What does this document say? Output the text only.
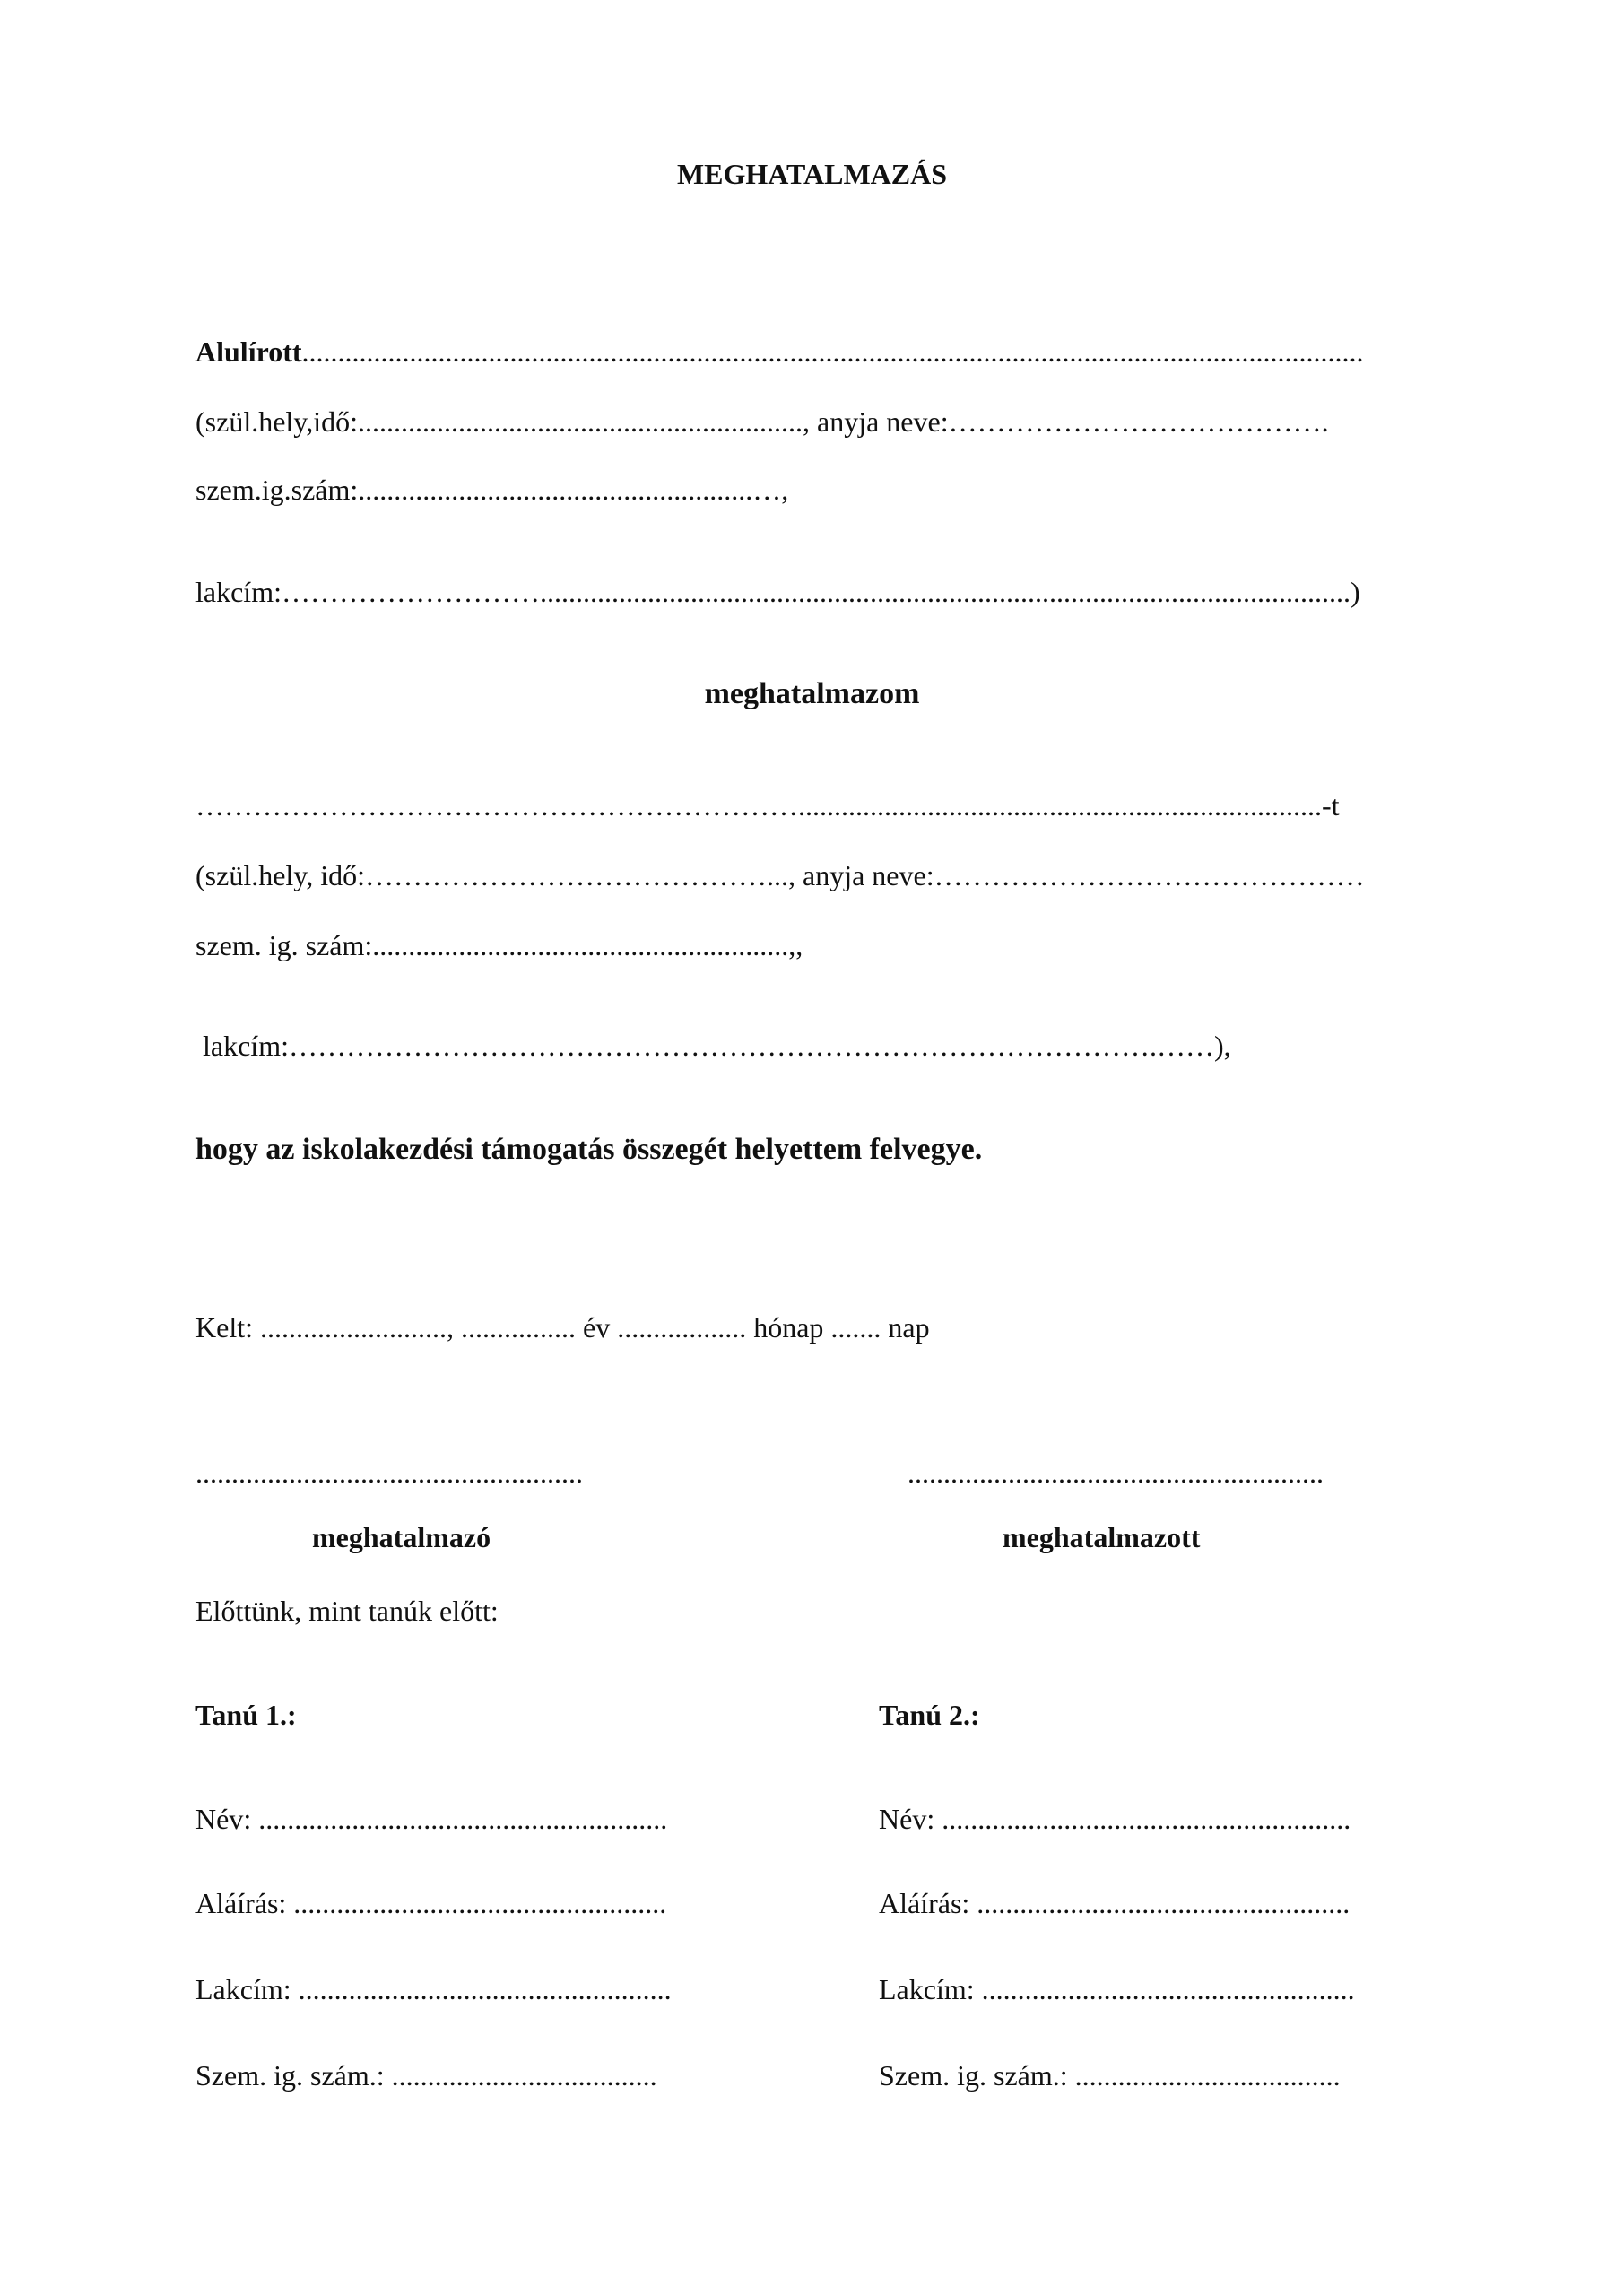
MEGHATALMAZÁS
Alulírott....................................................................................................................................................
(szül.hely,idő:.............................................................., anyja neve:………………………………….
szem.ig.szám:.......................................................…,
lakcím:……………………….................................................................................................................)
meghatalmazom
……………………………………………………….........................................................................-t
(szül.hely, idő:……………………………………..., anyja neve:………………………………………
szem. ig. szám:..........................................................,,
lakcím:……………………………………………………………………………….……),
hogy az iskolakezdési támogatás összegét helyettem felvegye.
Kelt: .........................., ................ év .................. hónap ....... nap
......................................................	..........................................................
meghatalmazó	meghatalmazott
Előttünk, mint tanúk előtt:
Tanú 1.:
Név: .........................................................
Aláírás: ....................................................
Lakcím: ....................................................
Szem. ig. szám.: .....................................
Tanú 2.:
Név: .........................................................
Aláírás: ....................................................
Lakcím: ....................................................
Szem. ig. szám.: .....................................
